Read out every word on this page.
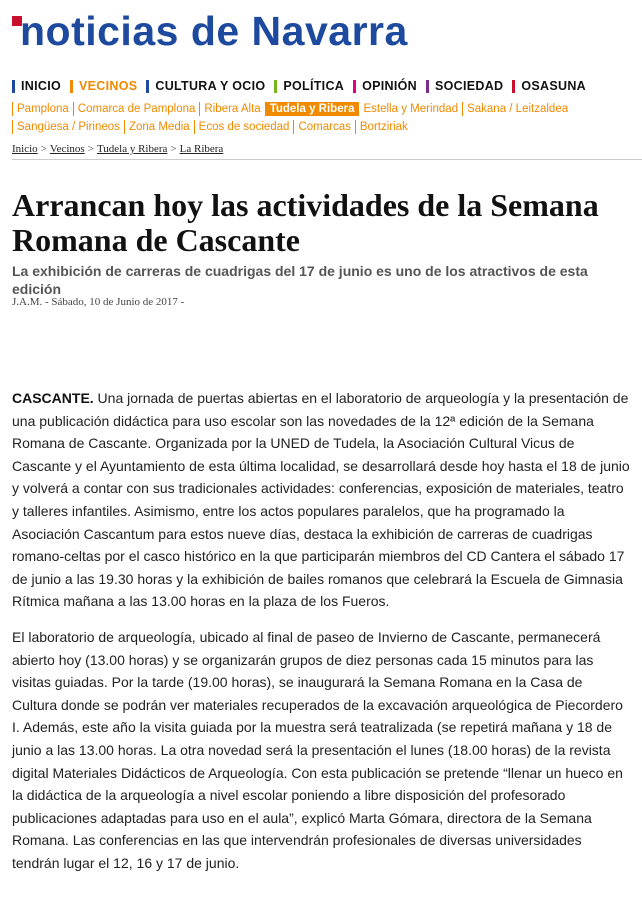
noticias de Navarra
INICIO VECINOS CULTURA Y OCIO POLÍTICA OPINIÓN SOCIEDAD OSASUNA
Pamplona Comarca de Pamplona Ribera Alta Tudela y Ribera Estella y Merindad Sakana / Leitzaldea
Sangüesa / Pirineos Zona Media Ecos de sociedad Comarcas Bortziriak
Inicio > Vecinos > Tudela y Ribera > La Ribera
Arrancan hoy las actividades de la Semana Romana de Cascante
La exhibición de carreras de cuadrigas del 17 de junio es uno de los atractivos de esta edición
J.A.M. - Sábado, 10 de Junio de 2017 -

CASCANTE. Una jornada de puertas abiertas en el laboratorio de arqueología y la presentación de una publicación didáctica para uso escolar son las novedades de la 12ª edición de la Semana Romana de Cascante. Organizada por la UNED de Tudela, la Asociación Cultural Vicus de Cascante y el Ayuntamiento de esta última localidad, se desarrollará desde hoy hasta el 18 de junio y volverá a contar con sus tradicionales actividades: conferencias, exposición de materiales, teatro y talleres infantiles. Asimismo, entre los actos populares paralelos, que ha programado la Asociación Cascantum para estos nueve días, destaca la exhibición de carreras de cuadrigas romano-celtas por el casco histórico en la que participarán miembros del CD Cantera el sábado 17 de junio a las 19.30 horas y la exhibición de bailes romanos que celebrará la Escuela de Gimnasia Rítmica mañana a las 13.00 horas en la plaza de los Fueros.

El laboratorio de arqueología, ubicado al final de paseo de Invierno de Cascante, permanecerá abierto hoy (13.00 horas) y se organizarán grupos de diez personas cada 15 minutos para las visitas guiadas. Por la tarde (19.00 horas), se inaugurará la Semana Romana en la Casa de Cultura donde se podrán ver materiales recuperados de la excavación arqueológica de Piecordero I. Además, este año la visita guiada por la muestra será teatralizada (se repetirá mañana y 18 de junio a las 13.00 horas. La otra novedad será la presentación el lunes (18.00 horas) de la revista digital Materiales Didácticos de Arqueología. Con esta publicación se pretende “llenar un hueco en la didáctica de la arqueología a nivel escolar poniendo a libre disposición del profesorado publicaciones adaptadas para uso en el aula”, explicó Marta Gómara, directora de la Semana Romana. Las conferencias en las que intervendrán profesionales de diversas universidades tendrán lugar el 12, 16 y 17 de junio.
